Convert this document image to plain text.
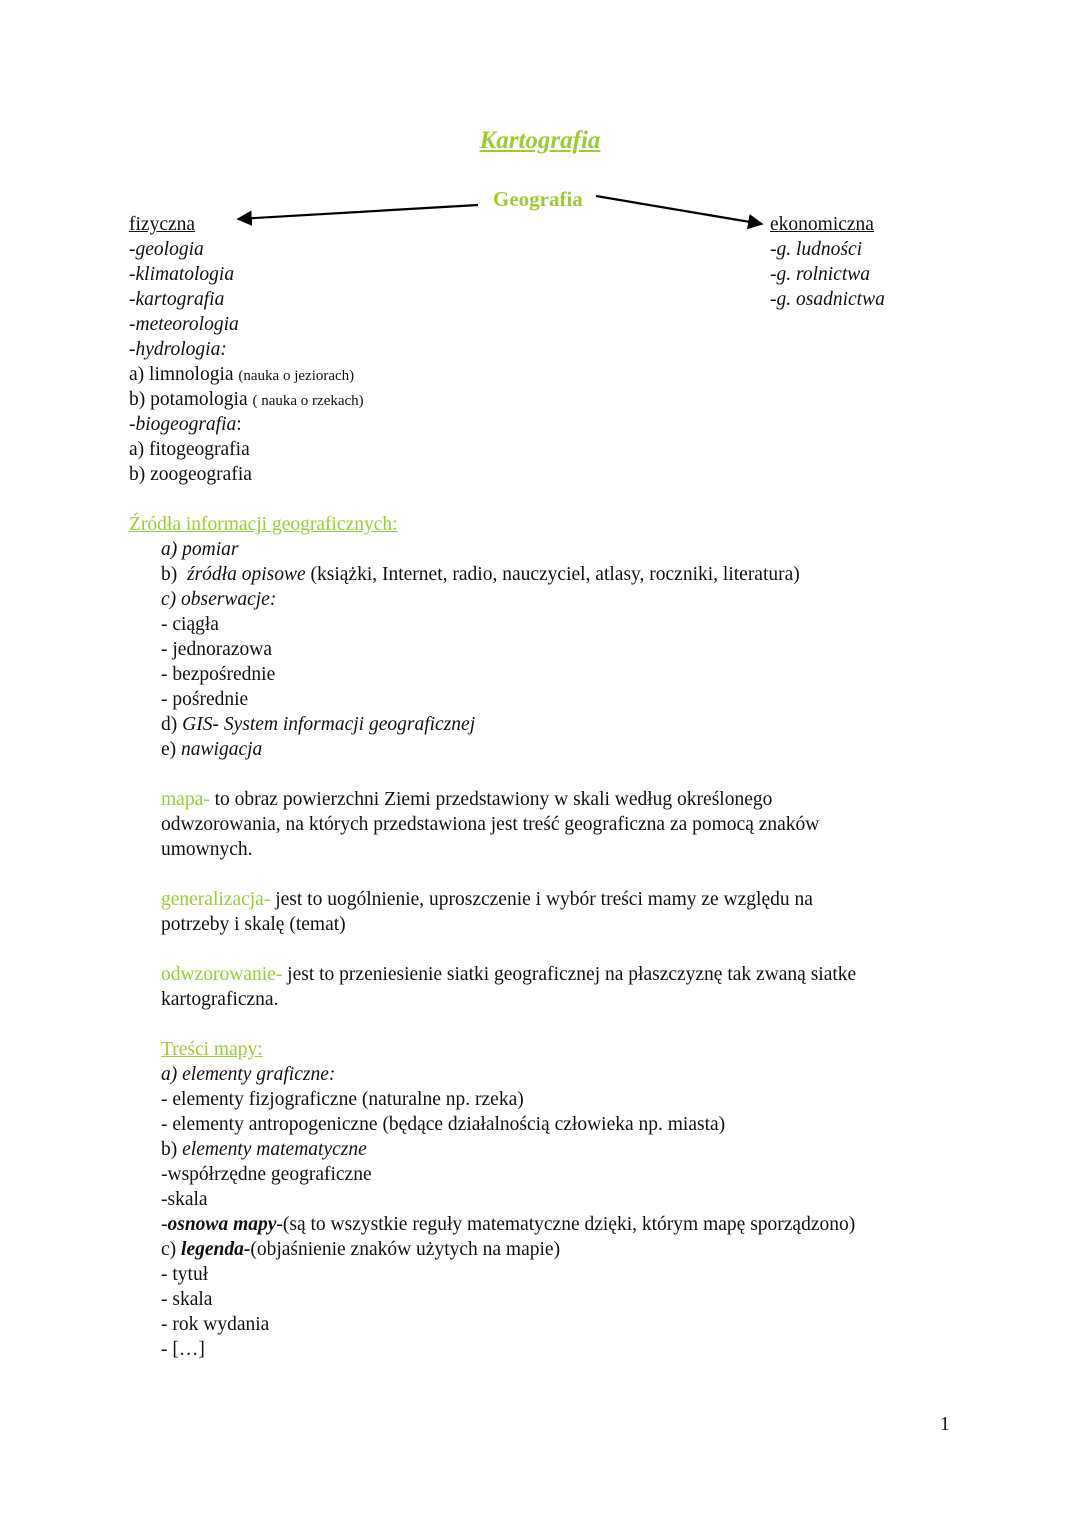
Kartografia
Geografia
fizyczna
-geologia
-klimatologia
-kartografia
-meteorologia
-hydrologia:
a) limnologia (nauka o jeziorach)
b) potamologia ( nauka o rzekach)
-biogeografia:
a) fitogeografia
b) zoogeografia
ekonomiczna
-g. ludności
-g. rolnictwa
-g. osadnictwa
Źródła informacji geograficznych:
a) pomiar
b)  źródła opisowe (książki, Internet, radio, nauczyciel, atlasy, roczniki, literatura)
c) obserwacje:
- ciągła
- jednorazowa
- bezpośrednie
- pośrednie
d) GIS- System informacji geograficznej
e) nawigacja
mapa- to obraz powierzchni Ziemi przedstawiony w skali według określonego
odwzorowania, na których przedstawiona jest treść geograficzna za pomocą znaków
umownych.
generalizacja- jest to uogólnienie, uproszczenie i wybór treści mamy ze względu na
potrzeby i skalę (temat)
odwzorowanie- jest to przeniesienie siatki geograficznej na płaszczyznę tak zwaną siatke
kartograficzna.
Treści mapy:
a) elementy graficzne:
- elementy fizjograficzne (naturalne np. rzeka)
- elementy antropogeniczne (będące działalnością człowieka np. miasta)
b) elementy matematyczne
-współrzędne geograficzne
-skala
-osnowa mapy-(są to wszystkie reguły matematyczne dzięki, którym mapę sporządzono)
c) legenda-(objaśnienie znaków użytych na mapie)
- tytuł
- skala
- rok wydania
- […]
1
